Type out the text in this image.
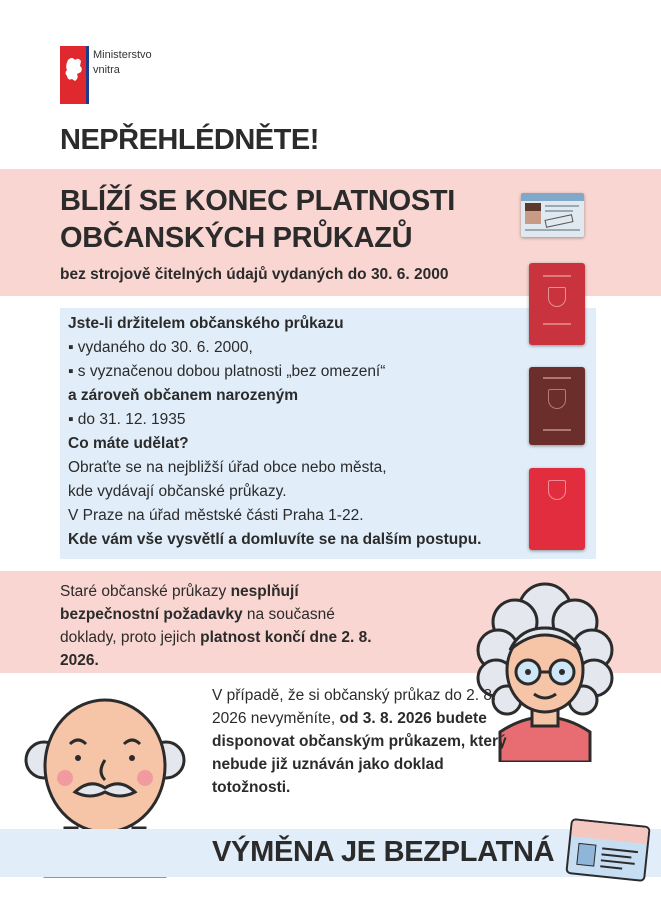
Ministerstvo
vnitra
NEPŘEHLÉDNĚTE!
BLÍŽÍ SE KONEC PLATNOSTI
OBČANSKÝCH PRŮKAZŮ
bez strojově čitelných údajů vydaných do 30. 6. 2000
Jste-li držitelem občanského průkazu
▪ vydaného do 30. 6. 2000,
▪ s vyznačenou dobou platnosti „bez omezení“
a zároveň občanem narozeným
▪ do 31. 12. 1935
Co máte udělat?
Obraťte se na nejbližší úřad obce nebo města,
kde vydávají občanské průkazy.
V Praze na úřad městské části Praha 1-22.
Kde vám vše vysvětlí a domluvíte se na dalším postupu.
Staré občanské průkazy nesplňují bezpečnostní požadavky na současné doklady, proto jejich platnost končí dne 2. 8. 2026.
V případě, že si občanský průkaz do 2. 8. 2026 nevyměníte, od 3. 8. 2026 budete disponovat občanským průkazem, který nebude již uznáván jako doklad totožnosti.
VÝMĚNA JE BEZPLATNÁ
